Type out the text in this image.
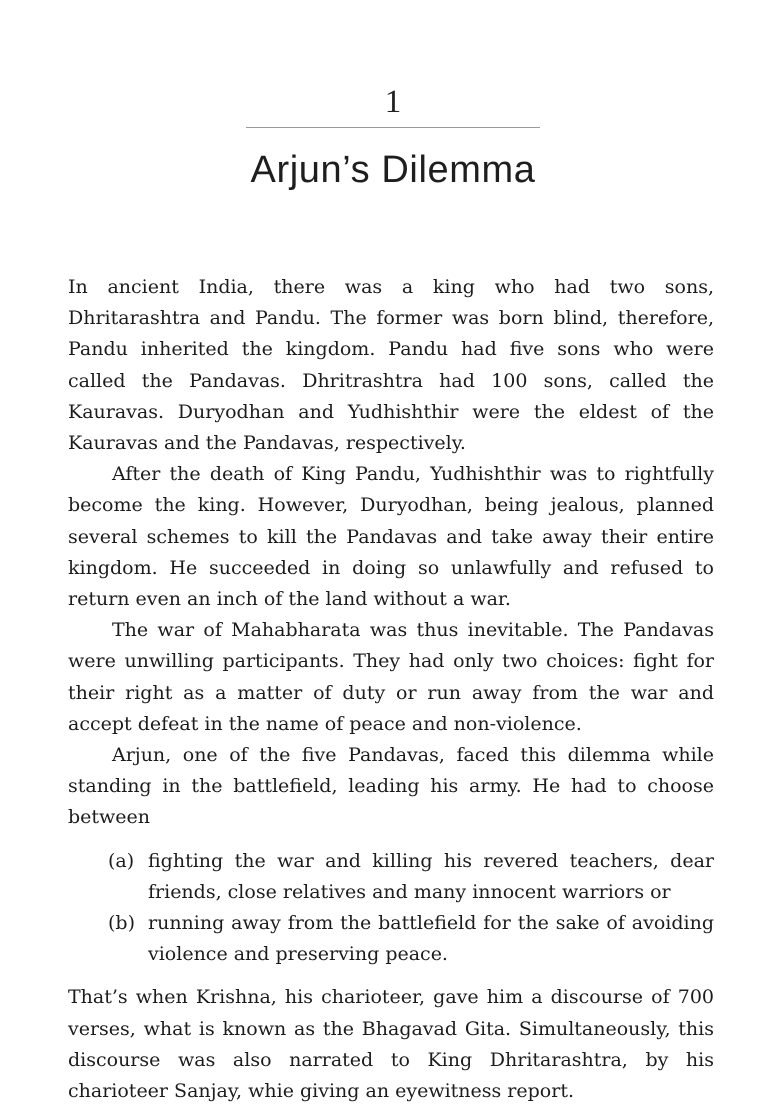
1
Arjun’s Dilemma

In ancient India, there was a king who had two sons, Dhritarashtra and Pandu. The former was born blind, therefore, Pandu inherited the kingdom. Pandu had five sons who were called the Pandavas. Dhritrashtra had 100 sons, called the Kauravas. Duryodhan and Yudhishthir were the eldest of the Kauravas and the Pandavas, respectively.

After the death of King Pandu, Yudhishthir was to rightfully become the king. However, Duryodhan, being jealous, planned several schemes to kill the Pandavas and take away their entire kingdom. He succeeded in doing so unlawfully and refused to return even an inch of the land without a war.

The war of Mahabharata was thus inevitable. The Pandavas were unwilling participants. They had only two choices: fight for their right as a matter of duty or run away from the war and accept defeat in the name of peace and non-violence.

Arjun, one of the five Pandavas, faced this dilemma while standing in the battlefield, leading his army. He had to choose between

(a) fighting the war and killing his revered teachers, dear friends, close relatives and many innocent warriors or
(b) running away from the battlefield for the sake of avoiding violence and preserving peace.

That’s when Krishna, his charioteer, gave him a discourse of 700 verses, what is known as the Bhagavad Gita. Simultaneously, this discourse was also narrated to King Dhritarashtra, by his charioteer Sanjay, whie giving an eyewitness report.
